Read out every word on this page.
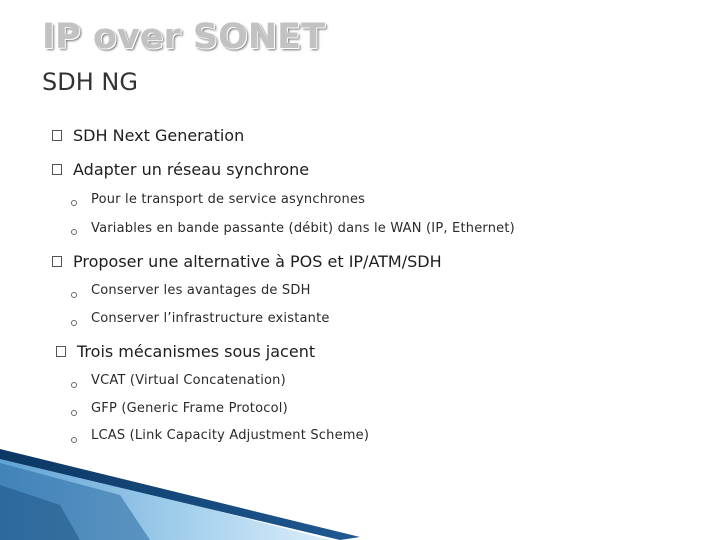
IP over SONET
SDH NG
SDH Next Generation
Adapter un réseau synchrone
Pour le transport de service asynchrones
Variables en bande passante (débit) dans le WAN (IP, Ethernet)
Proposer une alternative à POS et IP/ATM/SDH
Conserver les avantages de SDH
Conserver l’infrastructure existante
Trois mécanismes sous jacent
VCAT (Virtual Concatenation)
GFP (Generic Frame Protocol)
LCAS (Link Capacity Adjustment Scheme)
